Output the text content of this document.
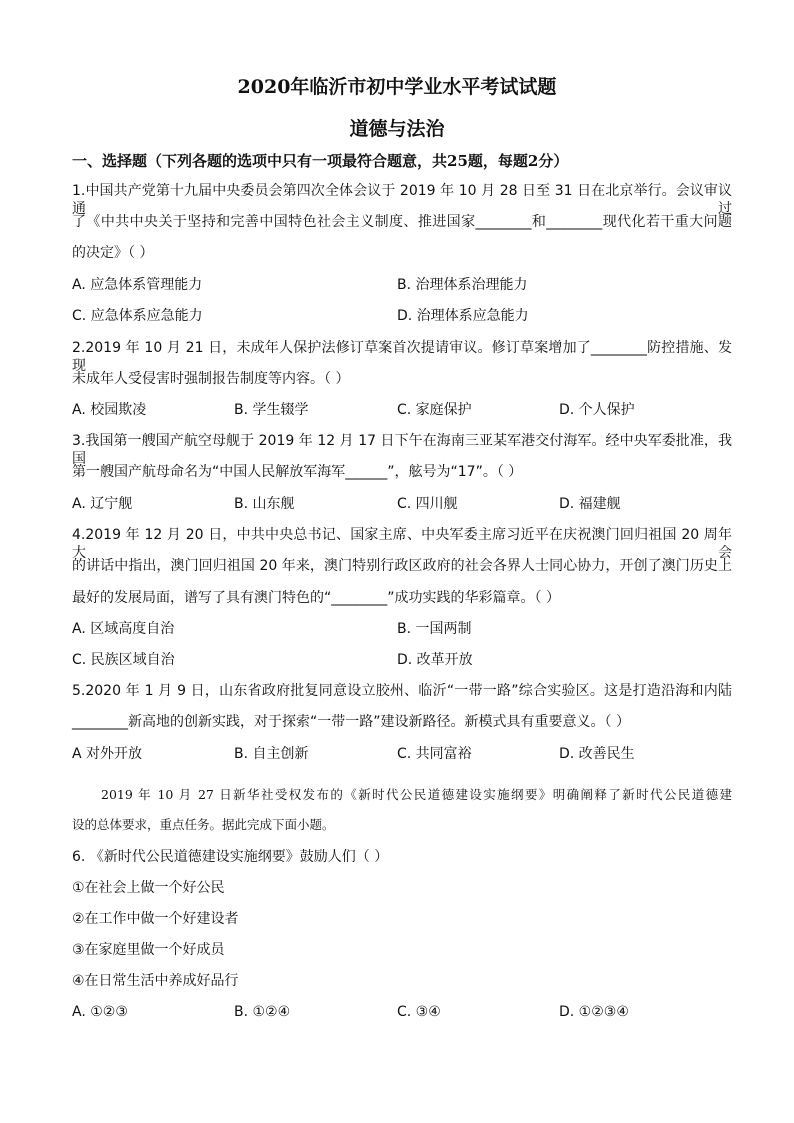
2020年临沂市初中学业水平考试试题
道德与法治
一、选择题（下列各题的选项中只有一项最符合题意，共25题，每题2分）
1.中国共产党第十九届中央委员会第四次全体会议于 2019 年 10 月 28 日至 31 日在北京举行。会议审议通过
了《中共中央关于坚持和完善中国特色社会主义制度、推进国家________和________现代化若干重大问题
的决定》（ ）
A. 应急体系管理能力	B. 治理体系治理能力
C. 应急体系应急能力	D. 治理体系应急能力
2.2019 年 10 月 21 日，未成年人保护法修订草案首次提请审议。修订草案增加了________防控措施、发现
未成年人受侵害时强制报告制度等内容。（ ）
A. 校园欺凌	B. 学生辍学	C. 家庭保护	D. 个人保护
3.我国第一艘国产航空母舰于 2019 年 12 月 17 日下午在海南三亚某军港交付海军。经中央军委批准，我国
第一艘国产航母命名为“中国人民解放军海军______”，舷号为“17”。（ ）
A. 辽宁舰	B. 山东舰	C. 四川舰	D. 福建舰
4.2019 年 12 月 20 日，中共中央总书记、国家主席、中央军委主席习近平在庆祝澳门回归祖国 20 周年大会
的讲话中指出，澳门回归祖国 20 年来，澳门特别行政区政府的社会各界人士同心协力，开创了澳门历史上
最好的发展局面，谱写了具有澳门特色的“________”成功实践的华彩篇章。（ ）
A. 区域高度自治	B. 一国两制
C. 民族区域自治	D. 改革开放
5.2020 年 1 月 9 日，山东省政府批复同意设立胶州、临沂“一带一路”综合实验区。这是打造沿海和内陆
________新高地的创新实践，对于探索“一带一路”建设新路径。新模式具有重要意义。（ ）
A 对外开放	B. 自主创新	C. 共同富裕	D. 改善民生
2019 年 10 月 27 日新华社受权发布的《新时代公民道德建设实施纲要》明确阐释了新时代公民道德建
设的总体要求，重点任务。据此完成下面小题。
6. 《新时代公民道德建设实施纲要》鼓励人们（ ）
①在社会上做一个好公民
②在工作中做一个好建设者
③在家庭里做一个好成员
④在日常生活中养成好品行
A. ①②③	B. ①②④	C. ③④	D. ①②③④
